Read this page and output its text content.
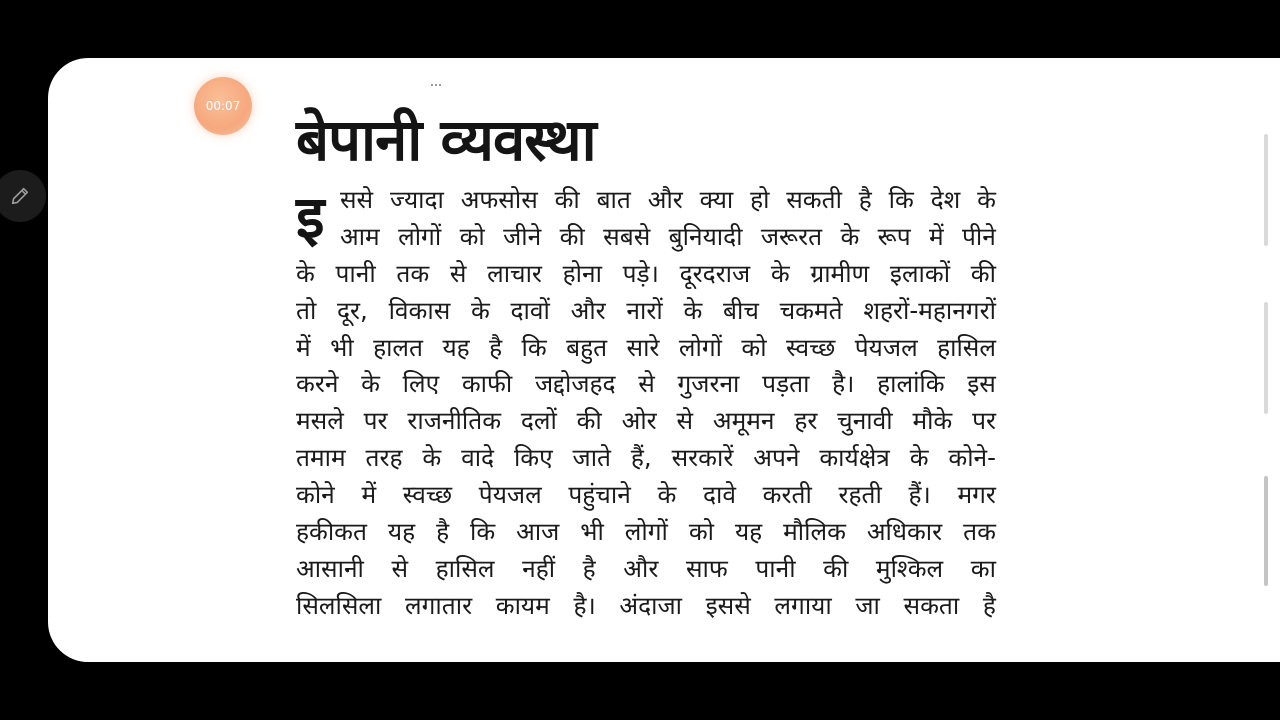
बेपानी व्यवस्था
इ ससे ज्यादा अफसोस की बात और क्या हो सकती है कि देश के
आम लोगों को जीने की सबसे बुनियादी जरूरत के रूप में पीने
के पानी तक से लाचार होना पड़े। दूरदराज के ग्रामीण इलाकों की
तो दूर, विकास के दावों और नारों के बीच चकमते शहरों-महानगरों
में भी हालत यह है कि बहुत सारे लोगों को स्वच्छ पेयजल हासिल
करने के लिए काफी जद्दोजहद से गुजरना पड़ता है। हालांकि इस
मसले पर राजनीतिक दलों की ओर से अमूमन हर चुनावी मौके पर
तमाम तरह के वादे किए जाते हैं, सरकारें अपने कार्यक्षेत्र के कोने-
कोने में स्वच्छ पेयजल पहुंचाने के दावे करती रहती हैं। मगर
हकीकत यह है कि आज भी लोगों को यह मौलिक अधिकार तक
आसानी से हासिल नहीं है और साफ पानी की मुश्किल का
सिलसिला लगातार कायम है। अंदाजा इससे लगाया जा सकता है
00:07
